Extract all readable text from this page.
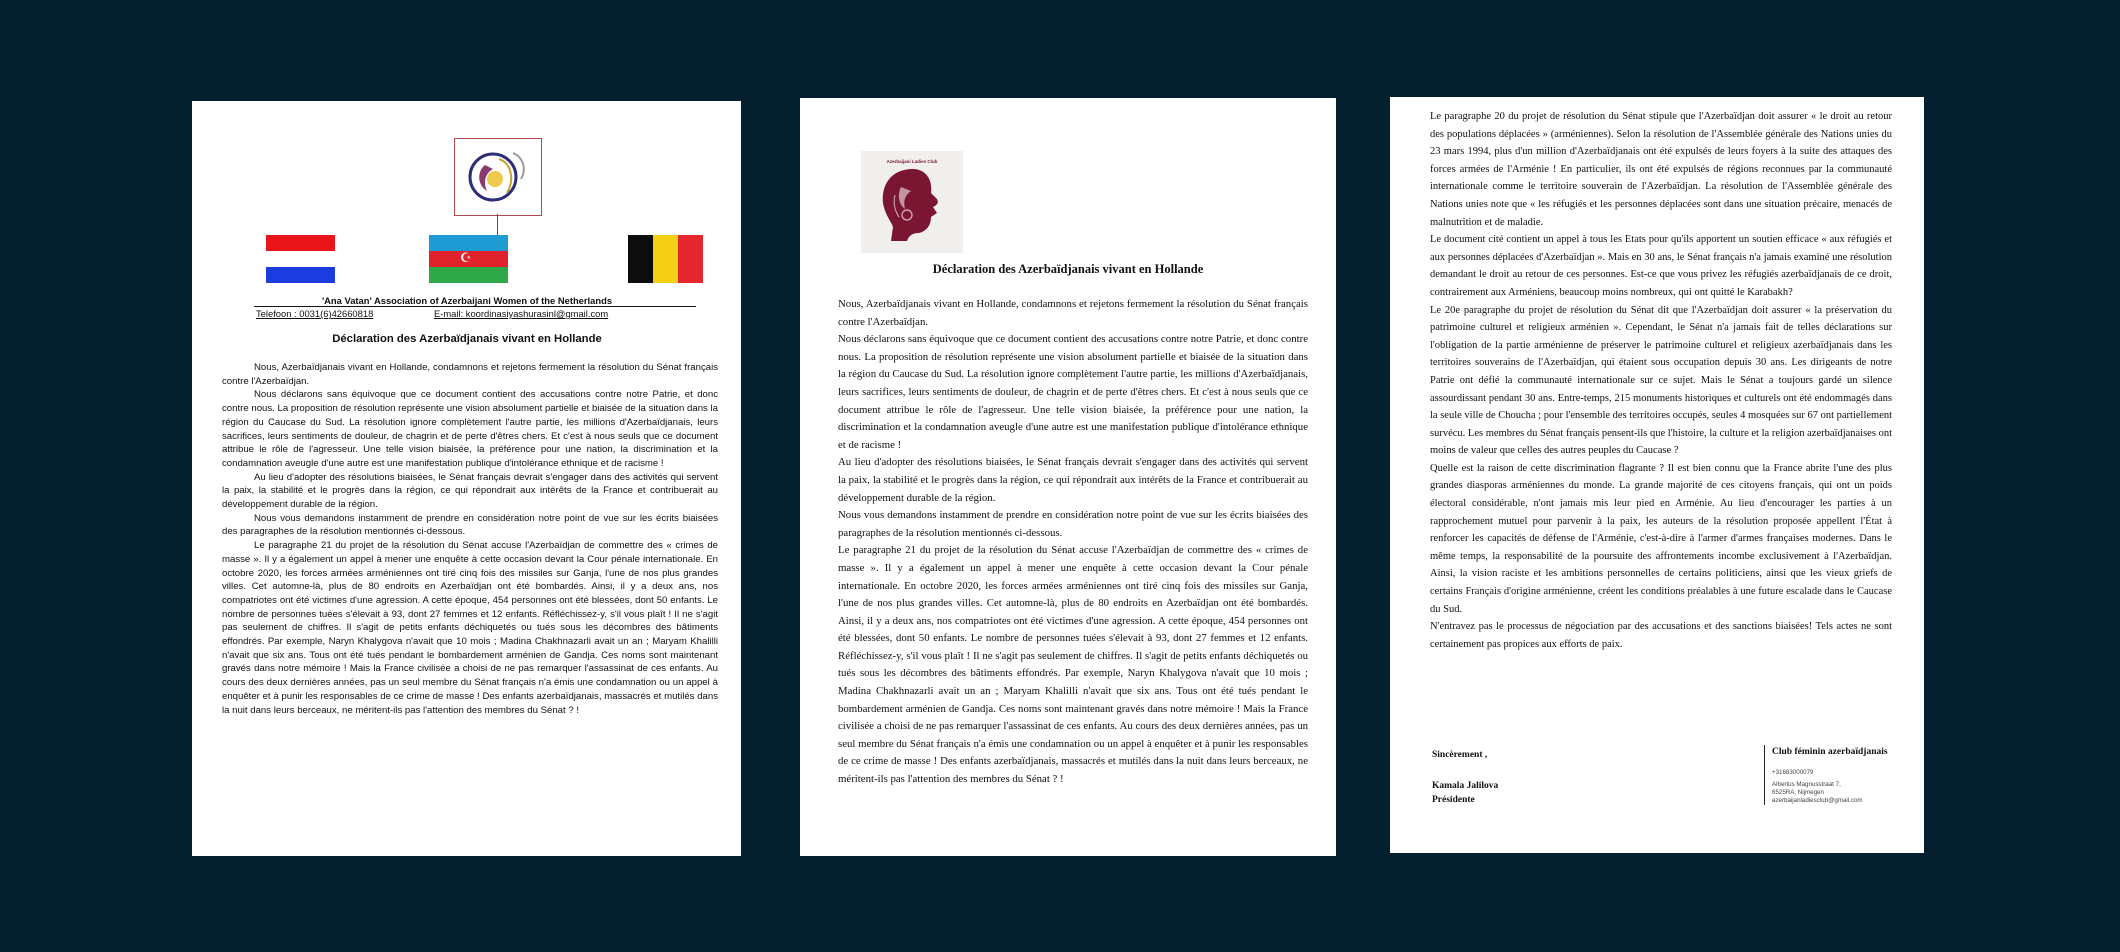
☪
'Ana Vatan' Association of Azerbaijani Women of the Netherlands
Telefoon : 0031(6)42660818	E-mail: koordinasiyashurasinl@gmail.com
Déclaration des Azerbaïdjanais vivant en Hollande

Nous, Azerbaïdjanais vivant en Hollande, condamnons et rejetons fermement la résolution du Sénat français contre l'Azerbaïdjan.

Nous déclarons sans équivoque que ce document contient des accusations contre notre Patrie, et donc contre nous. La proposition de résolution représente une vision absolument partielle et biaisée de la situation dans la région du Caucase du Sud. La résolution ignore complètement l'autre partie, les millions d'Azerbaïdjanais, leurs sacrifices, leurs sentiments de douleur, de chagrin et de perte d'êtres chers. Et c'est à nous seuls que ce document attribue le rôle de l'agresseur. Une telle vision biaisée, la préférence pour une nation, la discrimination et la condamnation aveugle d'une autre est une manifestation publique d'intolérance ethnique et de racisme !

Au lieu d'adopter des résolutions biaisées, le Sénat français devrait s'engager dans des activités qui servent la paix, la stabilité et le progrès dans la région, ce qui répondrait aux intérêts de la France et contribuerait au développement durable de la région.

Nous vous demandons instamment de prendre en considération notre point de vue sur les écrits biaisées des paragraphes de la résolution mentionnés ci-dessous.

Le paragraphe 21 du projet de la résolution du Sénat accuse l'Azerbaïdjan de commettre des « crimes de masse ». Il y a également un appel à mener une enquête à cette occasion devant la Cour pénale internationale. En octobre 2020, les forces armées arméniennes ont tiré cinq fois des missiles sur Ganja, l'une de nos plus grandes villes. Cet automne-là, plus de 80 endroits en Azerbaïdjan ont été bombardés. Ainsi, il y a deux ans, nos compatriotes ont été victimes d'une agression. A cette époque, 454 personnes ont été blessées, dont 50 enfants. Le nombre de personnes tuées s'élevait à 93, dont 27 femmes et 12 enfants. Réfléchissez-y, s'il vous plaît ! Il ne s'agit pas seulement de chiffres. Il s'agit de petits enfants déchiquetés ou tués sous les décombres des bâtiments effondrés. Par exemple, Naryn Khalygova n'avait que 10 mois ; Madina Chakhnazarli avait un an ; Maryam Khalilli n'avait que six ans. Tous ont été tués pendant le bombardement arménien de Gandja. Ces noms sont maintenant gravés dans notre mémoire ! Mais la France civilisée a choisi de ne pas remarquer l'assassinat de ces enfants. Au cours des deux dernières années, pas un seul membre du Sénat français n'a émis une condamnation ou un appel à enquêter et à punir les responsables de ce crime de masse ! Des enfants azerbaïdjanais, massacrés et mutilés dans la nuit dans leurs berceaux, ne méritent-ils pas l'attention des membres du Sénat ? !

Azerbaijani Ladies Club
Déclaration des Azerbaïdjanais vivant en Hollande

Nous, Azerbaïdjanais vivant en Hollande, condamnons et rejetons fermement la résolution du Sénat français contre l'Azerbaïdjan.

Nous déclarons sans équivoque que ce document contient des accusations contre notre Patrie, et donc contre nous. La proposition de résolution représente une vision absolument partielle et biaisée de la situation dans la région du Caucase du Sud. La résolution ignore complètement l'autre partie, les millions d'Azerbaïdjanais, leurs sacrifices, leurs sentiments de douleur, de chagrin et de perte d'êtres chers. Et c'est à nous seuls que ce document attribue le rôle de l'agresseur. Une telle vision biaisée, la préférence pour une nation, la discrimination et la condamnation aveugle d'une autre est une manifestation publique d'intolérance ethnique et de racisme !

Au lieu d'adopter des résolutions biaisées, le Sénat français devrait s'engager dans des activités qui servent la paix, la stabilité et le progrès dans la région, ce qui répondrait aux intérêts de la France et contribuerait au développement durable de la région.

Nous vous demandons instamment de prendre en considération notre point de vue sur les écrits biaisées des paragraphes de la résolution mentionnés ci-dessous.

Le paragraphe 21 du projet de la résolution du Sénat accuse l'Azerbaïdjan de commettre des « crimes de masse ». Il y a également un appel à mener une enquête à cette occasion devant la Cour pénale internationale. En octobre 2020, les forces armées arméniennes ont tiré cinq fois des missiles sur Ganja, l'une de nos plus grandes villes. Cet automne-là, plus de 80 endroits en Azerbaïdjan ont été bombardés. Ainsi, il y a deux ans, nos compatriotes ont été victimes d'une agression. A cette époque, 454 personnes ont été blessées, dont 50 enfants. Le nombre de personnes tuées s'élevait à 93, dont 27 femmes et 12 enfants. Réfléchissez-y, s'il vous plaît ! Il ne s'agit pas seulement de chiffres. Il s'agit de petits enfants déchiquetés ou tués sous les décombres des bâtiments effondrés. Par exemple, Naryn Khalygova n'avait que 10 mois ; Madina Chakhnazarli avait un an ; Maryam Khalilli n'avait que six ans. Tous ont été tués pendant le bombardement arménien de Gandja. Ces noms sont maintenant gravés dans notre mémoire ! Mais la France civilisée a choisi de ne pas remarquer l'assassinat de ces enfants. Au cours des deux dernières années, pas un seul membre du Sénat français n'a émis une condamnation ou un appel à enquêter et à punir les responsables de ce crime de masse ! Des enfants azerbaïdjanais, massacrés et mutilés dans la nuit dans leurs berceaux, ne méritent-ils pas l'attention des membres du Sénat ? !

Le paragraphe 20 du projet de résolution du Sénat stipule que l'Azerbaïdjan doit assurer « le droit au retour des populations déplacées » (arméniennes). Selon la résolution de l'Assemblée générale des Nations unies du 23 mars 1994, plus d'un million d'Azerbaïdjanais ont été expulsés de leurs foyers à la suite des attaques des forces armées de l'Arménie ! En particulier, ils ont été expulsés de régions reconnues par la communauté internationale comme le territoire souverain de l'Azerbaïdjan. La résolution de l'Assemblée générale des Nations unies note que « les réfugiés et les personnes déplacées sont dans une situation précaire, menacés de malnutrition et de maladie.

Le document cité contient un appel à tous les Etats pour qu'ils apportent un soutien efficace « aux réfugiés et aux personnes déplacées d'Azerbaïdjan ». Mais en 30 ans, le Sénat français n'a jamais examiné une résolution demandant le droit au retour de ces personnes. Est-ce que vous privez les réfugiés azerbaïdjanais de ce droit, contrairement aux Arméniens, beaucoup moins nombreux, qui ont quitté le Karabakh?

Le 20e paragraphe du projet de résolution du Sénat dit que l'Azerbaïdjan doit assurer « la préservation du patrimoine culturel et religieux arménien ». Cependant, le Sénat n'a jamais fait de telles déclarations sur l'obligation de la partie arménienne de préserver le patrimoine culturel et religieux azerbaïdjanais dans les territoires souverains de l'Azerbaïdjan, qui étaient sous occupation depuis 30 ans. Les dirigeants de notre Patrie ont défié la communauté internationale sur ce sujet. Mais le Sénat a toujours gardé un silence assourdissant pendant 30 ans. Entre-temps, 215 monuments historiques et culturels ont été endommagés dans la seule ville de Choucha ; pour l'ensemble des territoires occupés, seules 4 mosquées sur 67 ont partiellement survécu. Les membres du Sénat français pensent-ils que l'histoire, la culture et la religion azerbaïdjanaises ont moins de valeur que celles des autres peuples du Caucase ?

Quelle est la raison de cette discrimination flagrante ? Il est bien connu que la France abrite l'une des plus grandes diasporas arméniennes du monde. La grande majorité de ces citoyens français, qui ont un poids électoral considérable, n'ont jamais mis leur pied en Arménie. Au lieu d'encourager les parties à un rapprochement mutuel pour parvenir à la paix, les auteurs de la résolution proposée appellent l'État à renforcer les capacités de défense de l'Arménie, c'est-à-dire à l'armer d'armes françaises modernes. Dans le même temps, la responsabilité de la poursuite des affrontements incombe exclusivement à l'Azerbaïdjan. Ainsi, la vision raciste et les ambitions personnelles de certains politiciens, ainsi que les vieux griefs de certains Français d'origine arménienne, créent les conditions préalables à une future escalade dans le Caucase du Sud.

N'entravez pas le processus de négociation par des accusations et des sanctions biaisées! Tels actes ne sont certainement pas propices aux efforts de paix.

Sincèrement ,
Kamala Jalilova
Présidente
Club féminin azerbaïdjanais
+31683000079
Albertus Magnusstraat 7,
6525RA, Nijmegen
azerbaijanladiesclub@gmail.com
